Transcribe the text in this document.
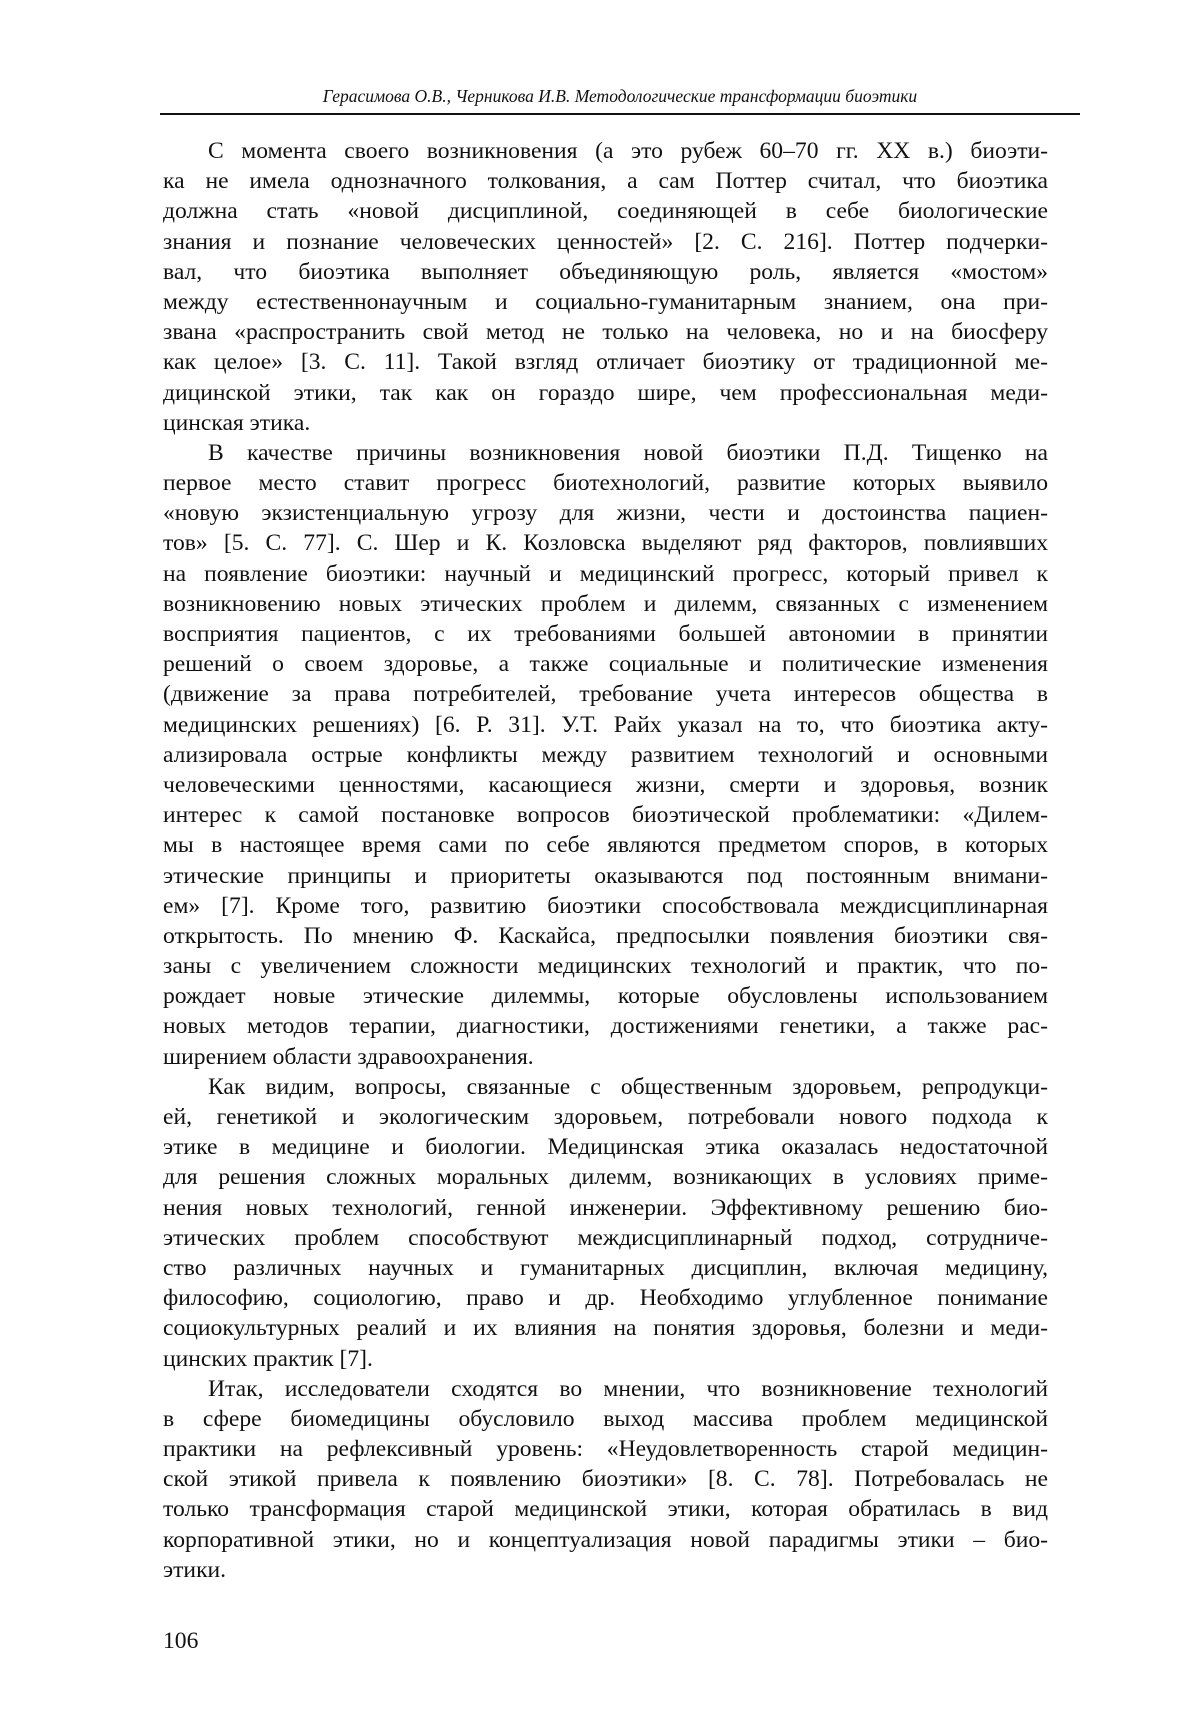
Герасимова О.В., Черникова И.В. Методологические трансформации биоэтики
С момента своего возникновения (а это рубеж 60–70 гг. XX в.) биоэти-
ка не имела однозначного толкования, а сам Поттер считал, что биоэтика
должна стать «новой дисциплиной, соединяющей в себе биологические
знания и познание человеческих ценностей» [2. С. 216]. Поттер подчерки-
вал, что биоэтика выполняет объединяющую роль, является «мостом»
между естественнонаучным и социально-гуманитарным знанием, она при-
звана «распространить свой метод не только на человека, но и на биосферу
как целое» [3. С. 11]. Такой взгляд отличает биоэтику от традиционной ме-
дицинской этики, так как он гораздо шире, чем профессиональная меди-
цинская этика.
В качестве причины возникновения новой биоэтики П.Д. Тищенко на
первое место ставит прогресс биотехнологий, развитие которых выявило
«новую экзистенциальную угрозу для жизни, чести и достоинства пациен-
тов» [5. С. 77]. С. Шер и К. Козловска выделяют ряд факторов, повлиявших
на появление биоэтики: научный и медицинский прогресс, который привел к
возникновению новых этических проблем и дилемм, связанных с изменением
восприятия пациентов, с их требованиями большей автономии в принятии
решений о своем здоровье, а также социальные и политические изменения
(движение за права потребителей, требование учета интересов общества в
медицинских решениях) [6. P. 31]. У.Т. Райх указал на то, что биоэтика акту-
ализировала острые конфликты между развитием технологий и основными
человеческими ценностями, касающиеся жизни, смерти и здоровья, возник
интерес к самой постановке вопросов биоэтической проблематики: «Дилем-
мы в настоящее время сами по себе являются предметом споров, в которых
этические принципы и приоритеты оказываются под постоянным внимани-
ем» [7]. Кроме того, развитию биоэтики способствовала междисциплинарная
открытость. По мнению Ф. Каскайса, предпосылки появления биоэтики свя-
заны с увеличением сложности медицинских технологий и практик, что по-
рождает новые этические дилеммы, которые обусловлены использованием
новых методов терапии, диагностики, достижениями генетики, а также рас-
ширением области здравоохранения.
Как видим, вопросы, связанные с общественным здоровьем, репродукци-
ей, генетикой и экологическим здоровьем, потребовали нового подхода к
этике в медицине и биологии. Медицинская этика оказалась недостаточной
для решения сложных моральных дилемм, возникающих в условиях приме-
нения новых технологий, генной инженерии. Эффективному решению био-
этических проблем способствуют междисциплинарный подход, сотрудниче-
ство различных научных и гуманитарных дисциплин, включая медицину,
философию, социологию, право и др. Необходимо углубленное понимание
социокультурных реалий и их влияния на понятия здоровья, болезни и меди-
цинских практик [7].
Итак, исследователи сходятся во мнении, что возникновение технологий
в сфере биомедицины обусловило выход массива проблем медицинской
практики на рефлексивный уровень: «Неудовлетворенность старой медицин-
ской этикой привела к появлению биоэтики» [8. С. 78]. Потребовалась не
только трансформация старой медицинской этики, которая обратилась в вид
корпоративной этики, но и концептуализация новой парадигмы этики – био-
этики.
106
